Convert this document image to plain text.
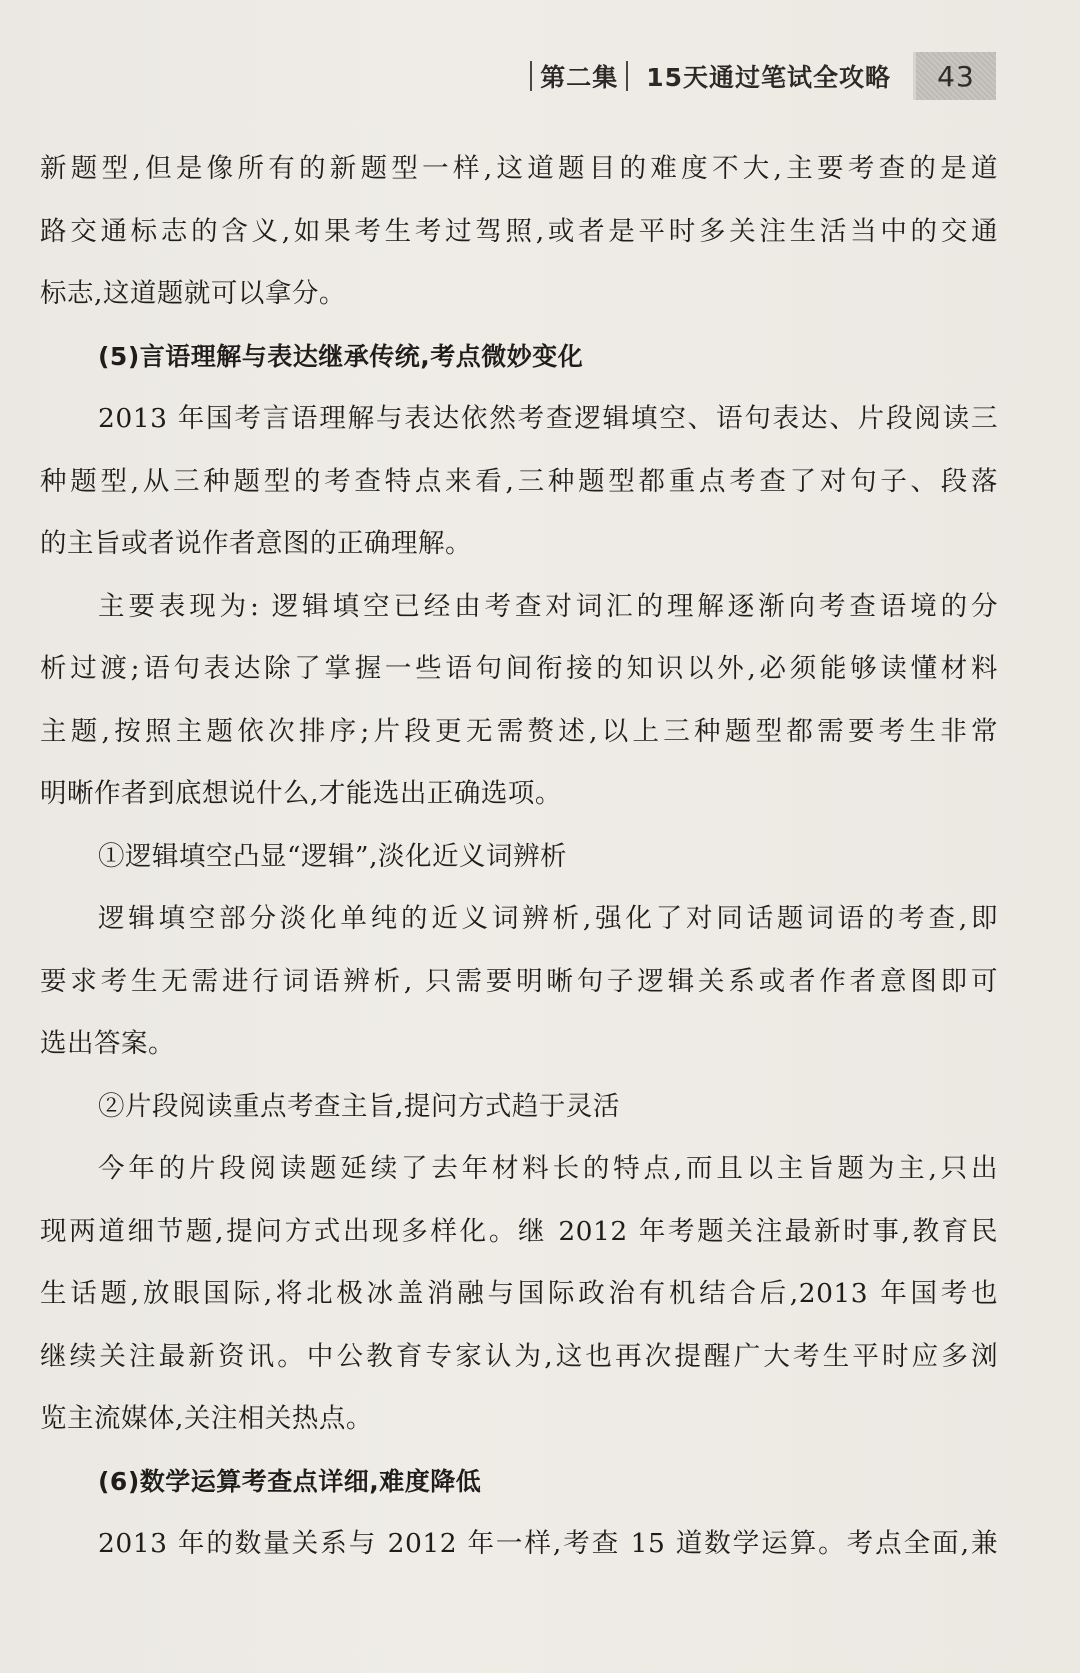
第二集 15天通过笔试全攻略	43
新题型,但是像所有的新题型一样,这道题目的难度不大,主要考查的是道
路交通标志的含义,如果考生考过驾照,或者是平时多关注生活当中的交通
标志,这道题就可以拿分。
(5)言语理解与表达继承传统,考点微妙变化
2013 年国考言语理解与表达依然考查逻辑填空、语句表达、片段阅读三
种题型,从三种题型的考查特点来看,三种题型都重点考查了对句子、段落
的主旨或者说作者意图的正确理解。
主要表现为: 逻辑填空已经由考查对词汇的理解逐渐向考查语境的分
析过渡;语句表达除了掌握一些语句间衔接的知识以外,必须能够读懂材料
主题,按照主题依次排序;片段更无需赘述,以上三种题型都需要考生非常
明晰作者到底想说什么,才能选出正确选项。
①逻辑填空凸显“逻辑”,淡化近义词辨析
逻辑填空部分淡化单纯的近义词辨析,强化了对同话题词语的考查,即
要求考生无需进行词语辨析, 只需要明晰句子逻辑关系或者作者意图即可
选出答案。
②片段阅读重点考查主旨,提问方式趋于灵活
今年的片段阅读题延续了去年材料长的特点,而且以主旨题为主,只出
现两道细节题,提问方式出现多样化。继 2012 年考题关注最新时事,教育民
生话题,放眼国际,将北极冰盖消融与国际政治有机结合后,2013 年国考也
继续关注最新资讯。中公教育专家认为,这也再次提醒广大考生平时应多浏
览主流媒体,关注相关热点。
(6)数学运算考查点详细,难度降低
2013 年的数量关系与 2012 年一样,考查 15 道数学运算。考点全面,兼
